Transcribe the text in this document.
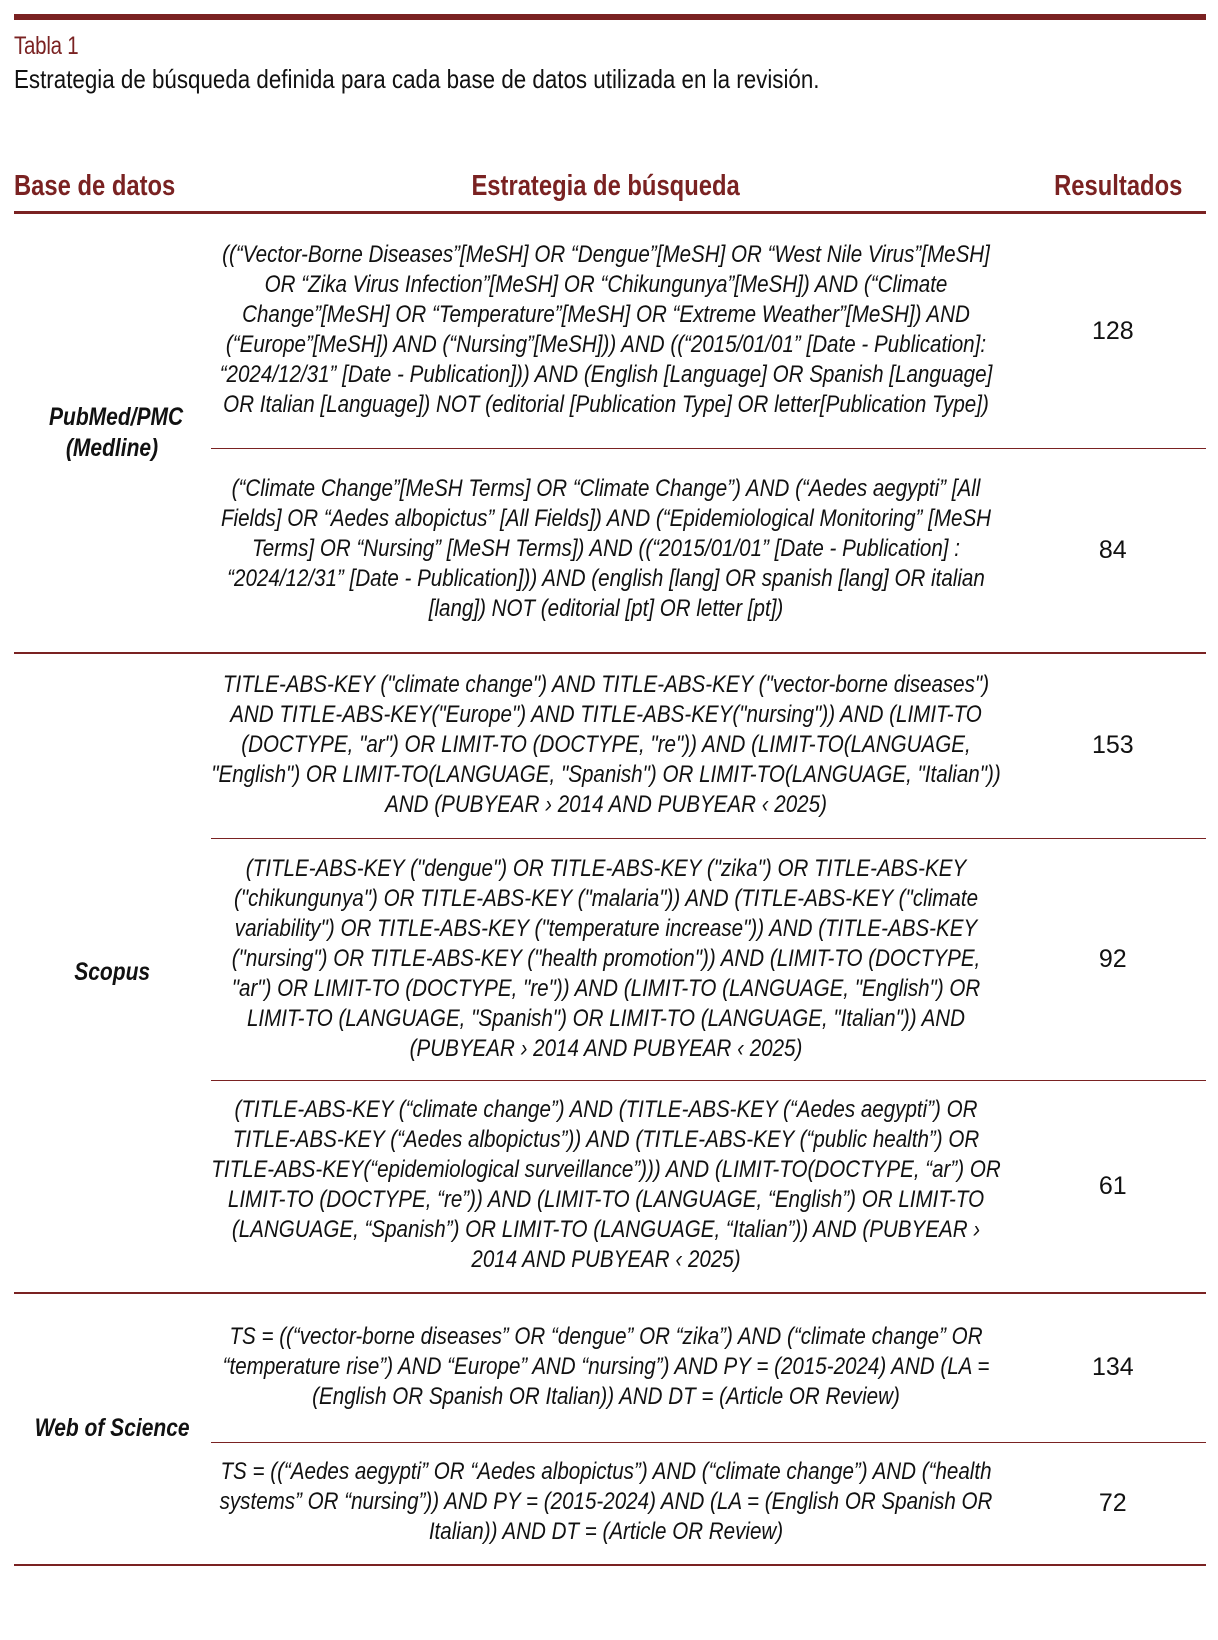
Tabla 1
Estrategia de búsqueda definida para cada base de datos utilizada en la revisión.
Base de datos	Estrategia de búsqueda	Resultados
PubMed/PMC (Medline)	((“Vector-Borne Diseases”[MeSH] OR “Dengue”[MeSH] OR “West Nile Virus”[MeSH] OR “Zika Virus Infection”[MeSH] OR “Chikungunya”[MeSH]) AND (“Climate Change”[MeSH] OR “Temperature”[MeSH] OR “Extreme Weather”[MeSH]) AND (“Europe”[MeSH]) AND (“Nursing”[MeSH])) AND ((“2015/01/01” [Date - Publication]: “2024/12/31” [Date - Publication])) AND (English [Language] OR Spanish [Language] OR Italian [Language]) NOT (editorial [Publication Type] OR letter[Publication Type])	128
	(“Climate Change”[MeSH Terms] OR “Climate Change”) AND (“Aedes aegypti” [All Fields] OR “Aedes albopictus” [All Fields]) AND (“Epidemiological Monitoring” [MeSH Terms] OR “Nursing” [MeSH Terms]) AND ((“2015/01/01” [Date - Publication] : “2024/12/31” [Date - Publication])) AND (english [lang] OR spanish [lang] OR italian [lang]) NOT (editorial [pt] OR letter [pt])	84
Scopus	TITLE-ABS-KEY ("climate change") AND TITLE-ABS-KEY ("vector-borne diseases") AND TITLE-ABS-KEY("Europe") AND TITLE-ABS-KEY("nursing")) AND (LIMIT-TO (DOCTYPE, "ar") OR LIMIT-TO (DOCTYPE, "re")) AND (LIMIT-TO(LANGUAGE, "English") OR LIMIT-TO(LANGUAGE, "Spanish") OR LIMIT-TO(LANGUAGE, "Italian")) AND (PUBYEAR › 2014 AND PUBYEAR ‹ 2025)	153
	(TITLE-ABS-KEY ("dengue") OR TITLE-ABS-KEY ("zika") OR TITLE-ABS-KEY ("chikungunya") OR TITLE-ABS-KEY ("malaria")) AND (TITLE-ABS-KEY ("climate variability") OR TITLE-ABS-KEY ("temperature increase")) AND (TITLE-ABS-KEY ("nursing") OR TITLE-ABS-KEY ("health promotion")) AND (LIMIT-TO (DOCTYPE, "ar") OR LIMIT-TO (DOCTYPE, "re")) AND (LIMIT-TO (LANGUAGE, "English") OR LIMIT-TO (LANGUAGE, "Spanish") OR LIMIT-TO (LANGUAGE, "Italian")) AND (PUBYEAR › 2014 AND PUBYEAR ‹ 2025)	92
	(TITLE-ABS-KEY (“climate change”) AND (TITLE-ABS-KEY (“Aedes aegypti”) OR TITLE-ABS-KEY (“Aedes albopictus”)) AND (TITLE-ABS-KEY (“public health”) OR TITLE-ABS-KEY(“epidemiological surveillance”))) AND (LIMIT-TO(DOCTYPE, “ar”) OR LIMIT-TO (DOCTYPE, “re”)) AND (LIMIT-TO (LANGUAGE, “English”) OR LIMIT-TO (LANGUAGE, “Spanish”) OR LIMIT-TO (LANGUAGE, “Italian”)) AND (PUBYEAR › 2014 AND PUBYEAR ‹ 2025)	61
Web of Science	TS = ((“vector-borne diseases” OR “dengue” OR “zika”) AND (“climate change” OR “temperature rise”) AND “Europe” AND “nursing”) AND PY = (2015-2024) AND (LA = (English OR Spanish OR Italian)) AND DT = (Article OR Review)	134
	TS = ((“Aedes aegypti” OR “Aedes albopictus”) AND (“climate change”) AND (“health systems” OR “nursing”)) AND PY = (2015-2024) AND (LA = (English OR Spanish OR Italian)) AND DT = (Article OR Review)	72
